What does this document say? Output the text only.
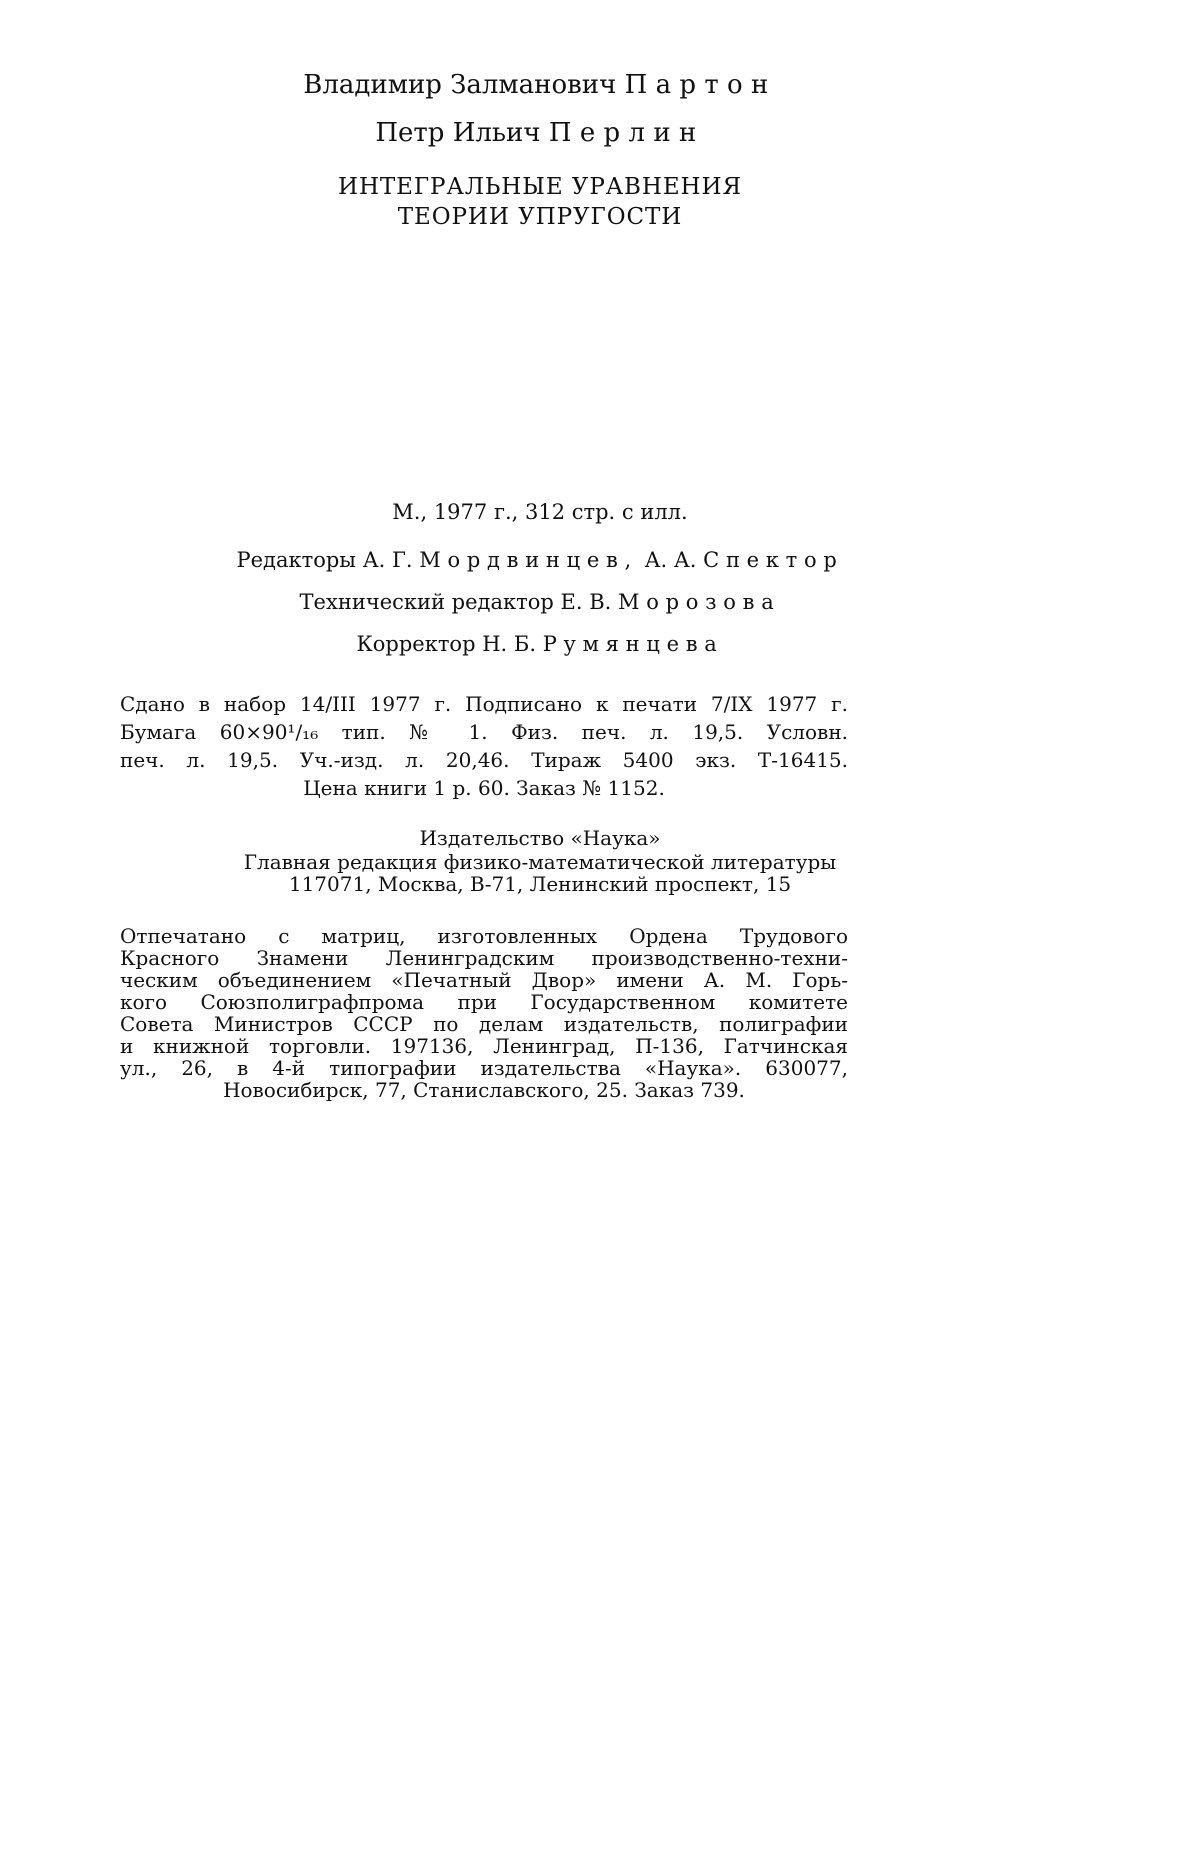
Владимир Залманович Партон
Петр Ильич Перлин
ИНТЕГРАЛЬНЫЕ УРАВНЕНИЯ
ТЕОРИИ УПРУГОСТИ
М., 1977 г., 312 стр. с илл.
Редакторы А. Г. Мордвинцев, А. А. Спектор
Технический редактор Е. В. Морозова
Корректор Н. Б. Румянцева
Сдано в набор 14/III 1977 г. Подписано к печати 7/IX 1977 г.
Бумага 60×90¹/₁₆ тип. № 1. Физ. печ. л. 19,5. Условн.
печ. л. 19,5. Уч.-изд. л. 20,46. Тираж 5400 экз. Т-16415.
Цена книги 1 р. 60. Заказ № 1152.
Издательство «Наука»
Главная редакция физико-математической литературы
117071, Москва, В-71, Ленинский проспект, 15
Отпечатано с матриц, изготовленных Ордена Трудового
Красного Знамени Ленинградским производственно-техни-
ческим объединением «Печатный Двор» имени А. М. Горь-
кого Союзполиграфпрома при Государственном комитете
Совета Министров СССР по делам издательств, полиграфии
и книжной торговли. 197136, Ленинград, П-136, Гатчинская
ул., 26, в 4-й типографии издательства «Наука». 630077,
Новосибирск, 77, Станиславского, 25. Заказ 739.
